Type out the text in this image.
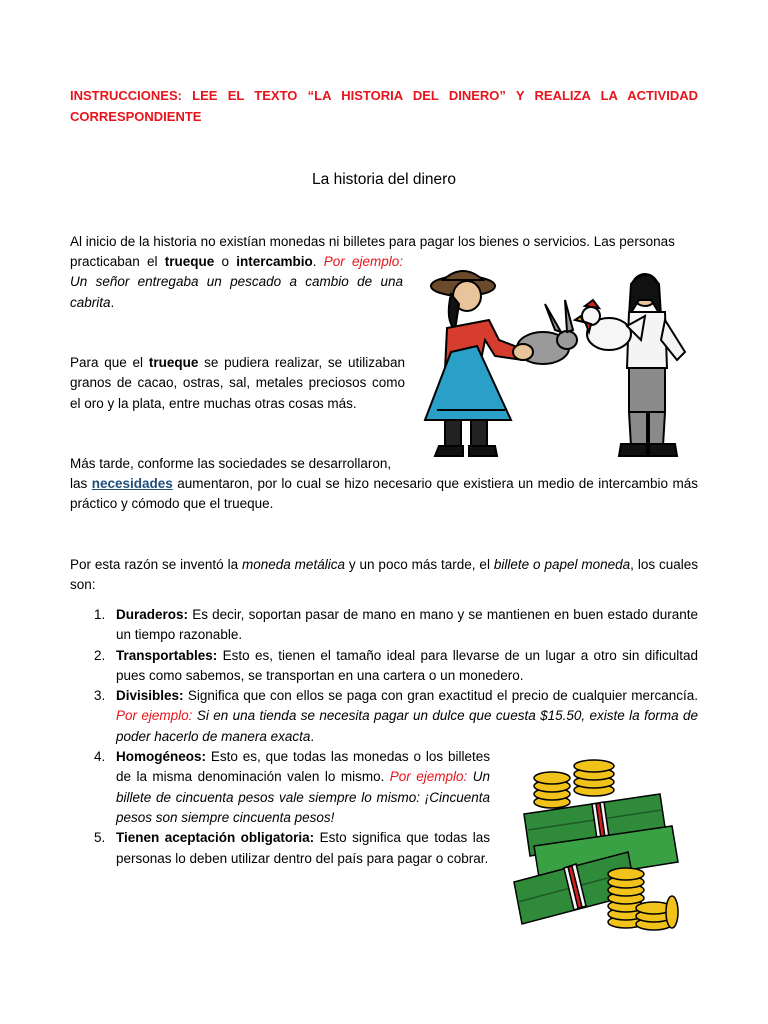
INSTRUCCIONES: LEE EL TEXTO “LA HISTORIA DEL DINERO” Y REALIZA LA ACTIVIDAD CORRESPONDIENTE
La historia del dinero
Al inicio de la historia no existían monedas ni billetes para pagar los bienes o servicios. Las personas
practicaban el trueque o intercambio. Por ejemplo: Un señor entregaba un pescado a cambio de una cabrita.
Para que el trueque se pudiera realizar, se utilizaban granos de cacao, ostras, sal, metales preciosos como el oro y la plata, entre muchas otras cosas más.
Más tarde, conforme las sociedades se desarrollaron,
las necesidades aumentaron, por lo cual se hizo necesario que existiera un medio de intercambio más práctico y cómodo que el trueque.
Por esta razón se inventó la moneda metálica y un poco más tarde, el billete o papel moneda, los cuales son:
1. Duraderos: Es decir, soportan pasar de mano en mano y se mantienen en buen estado durante un tiempo razonable.
2. Transportables: Esto es, tienen el tamaño ideal para llevarse de un lugar a otro sin dificultad pues como sabemos, se transportan en una cartera o un monedero.
3. Divisibles: Significa que con ellos se paga con gran exactitud el precio de cualquier mercancía. Por ejemplo: Si en una tienda se necesita pagar un dulce que cuesta $15.50, existe la forma de poder hacerlo de manera exacta.
4. Homogéneos: Esto es, que todas las monedas o los billetes de la misma denominación valen lo mismo. Por ejemplo: Un billete de cincuenta pesos vale siempre lo mismo: ¡Cincuenta pesos son siempre cincuenta pesos!
5. Tienen aceptación obligatoria: Esto significa que todas las personas lo deben utilizar dentro del país para pagar o cobrar.
